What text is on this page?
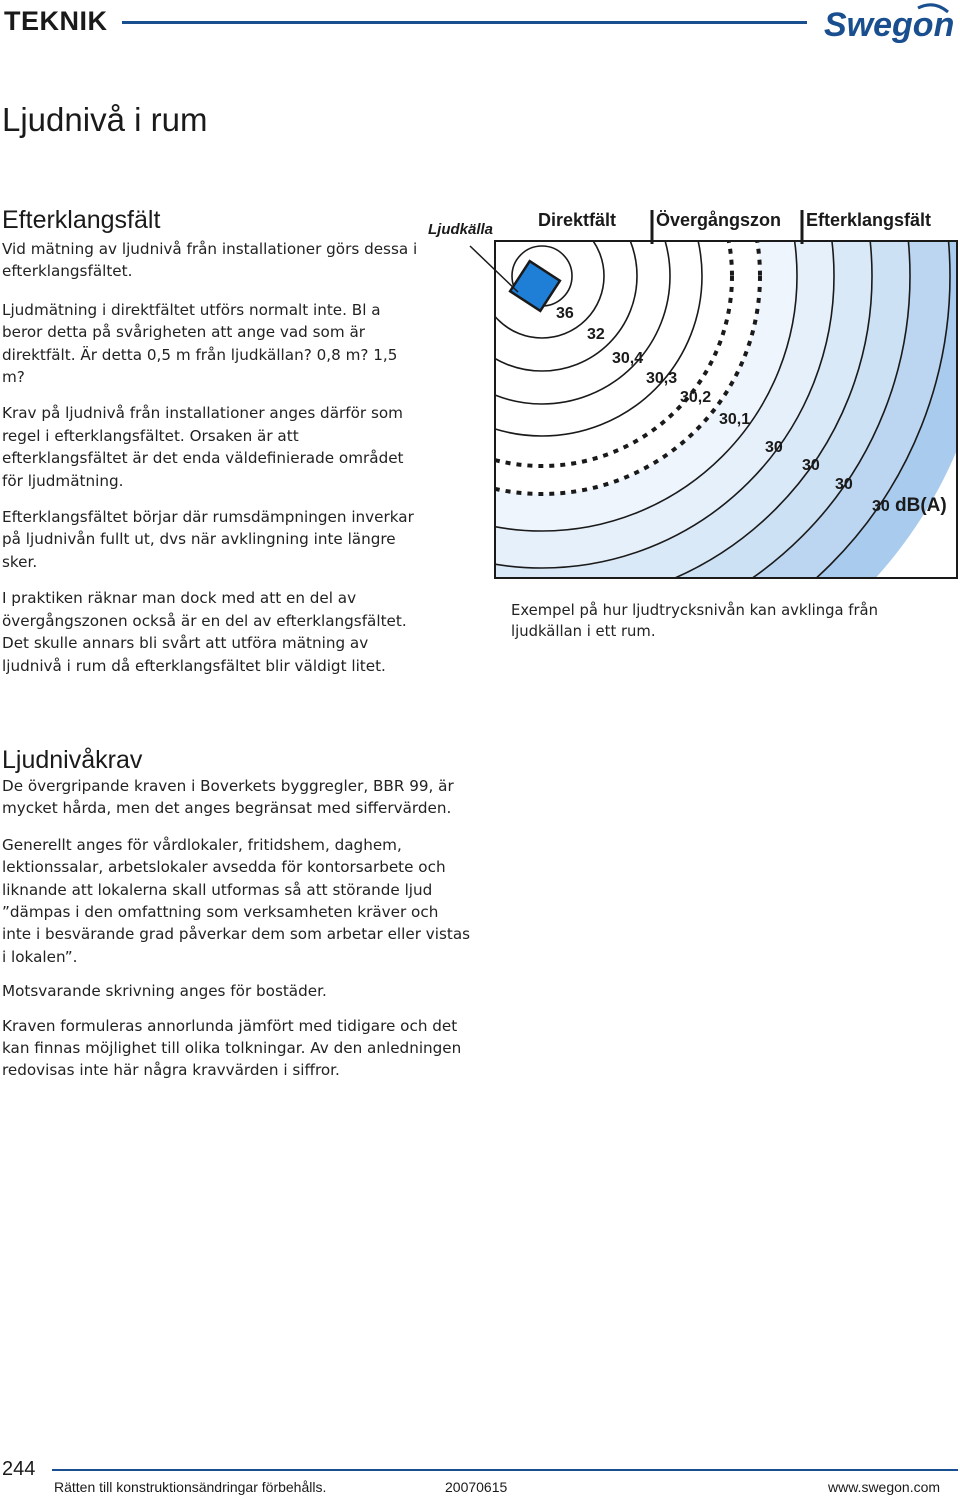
TEKNIK	Swegon
Ljudnivå i rum
Efterklangsfält

Vid mätning av ljudnivå från installationer görs dessa i efterklangsfältet.

Ljudmätning i direktfältet utförs normalt inte. Bl a beror detta på svårigheten att ange vad som är direktfält. Är detta 0,5 m från ljudkällan? 0,8 m? 1,5 m?

Krav på ljudnivå från installationer anges därför som regel i efterklangsfältet. Orsaken är att efterklangsfältet är det enda väldefinierade området för ljudmätning.

Efterklangsfältet börjar där rumsdämpningen inverkar på ljudnivån fullt ut, dvs när avklingning inte längre sker.

I praktiken räknar man dock med att en del av övergångszonen också är en del av efterklangsfältet. Det skulle annars bli svårt att utföra mätning av ljudnivå i rum då efterklangsfältet blir väldigt litet.

Ljudkälla Direktfält Övergångszon Efterklangsfält
36
32
30,4
30,3
30,2
30,1
30
30
30
30 dB(A)
Exempel på hur ljudtrycksnivån kan avklinga från ljudkällan i ett rum.
Ljudnivåkrav

De övergripande kraven i Boverkets byggregler, BBR 99, är mycket hårda, men det anges begränsat med siffervärden.

Generellt anges för vårdlokaler, fritidshem, daghem, lektionssalar, arbetslokaler avsedda för kontorsarbete och liknande att lokalerna skall utformas så att störande ljud ”dämpas i den omfattning som verksamheten kräver och inte i besvärande grad påverkar dem som arbetar eller vistas i lokalen”.

Motsvarande skrivning anges för bostäder.

Kraven formuleras annorlunda jämfört med tidigare och det kan finnas möjlighet till olika tolkningar. Av den anledningen redovisas inte här några kravvärden i siffror.

244
Rätten till konstruktionsändringar förbehålls.	20070615	www.swegon.com
